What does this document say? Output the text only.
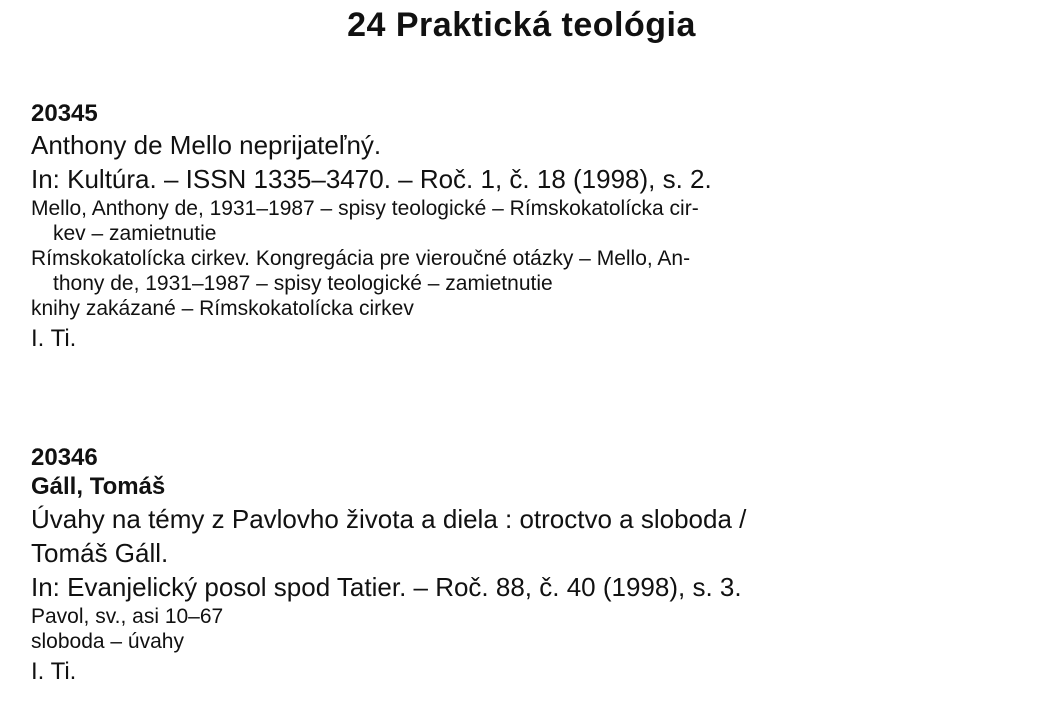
24 Praktická teológia
20345
Anthony de Mello neprijateľný.
In: Kultúra. – ISSN 1335–3470. – Roč. 1, č. 18 (1998), s. 2.
Mello, Anthony de, 1931–1987 – spisy teologické – Rímskokatolícka cir-
kev – zamietnutie
Rímskokatolícka cirkev. Kongregácia pre vieroučné otázky – Mello, An-
thony de, 1931–1987 – spisy teologické – zamietnutie
knihy zakázané – Rímskokatolícka cirkev
I. Ti.
20346
Gáll, Tomáš
Úvahy na témy z Pavlovho života a diela : otroctvo a sloboda /
Tomáš Gáll.
In: Evanjelický posol spod Tatier. – Roč. 88, č. 40 (1998), s. 3.
Pavol, sv., asi 10–67
sloboda – úvahy
I. Ti.
